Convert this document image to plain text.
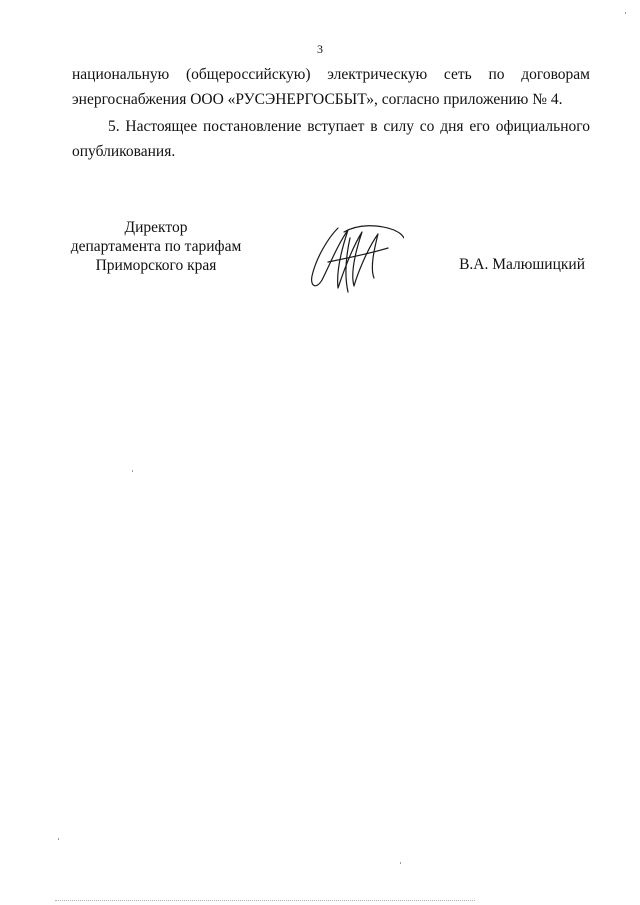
3
национальную (общероссийскую) электрическую сеть по договорам
энергоснабжения ООО «РУСЭНЕРГОСБЫТ», согласно приложению № 4.
5. Настоящее постановление вступает в силу со дня его официального
опубликования.
Директор
департамента по тарифам
Приморского края	В.А. Малюшицкий
